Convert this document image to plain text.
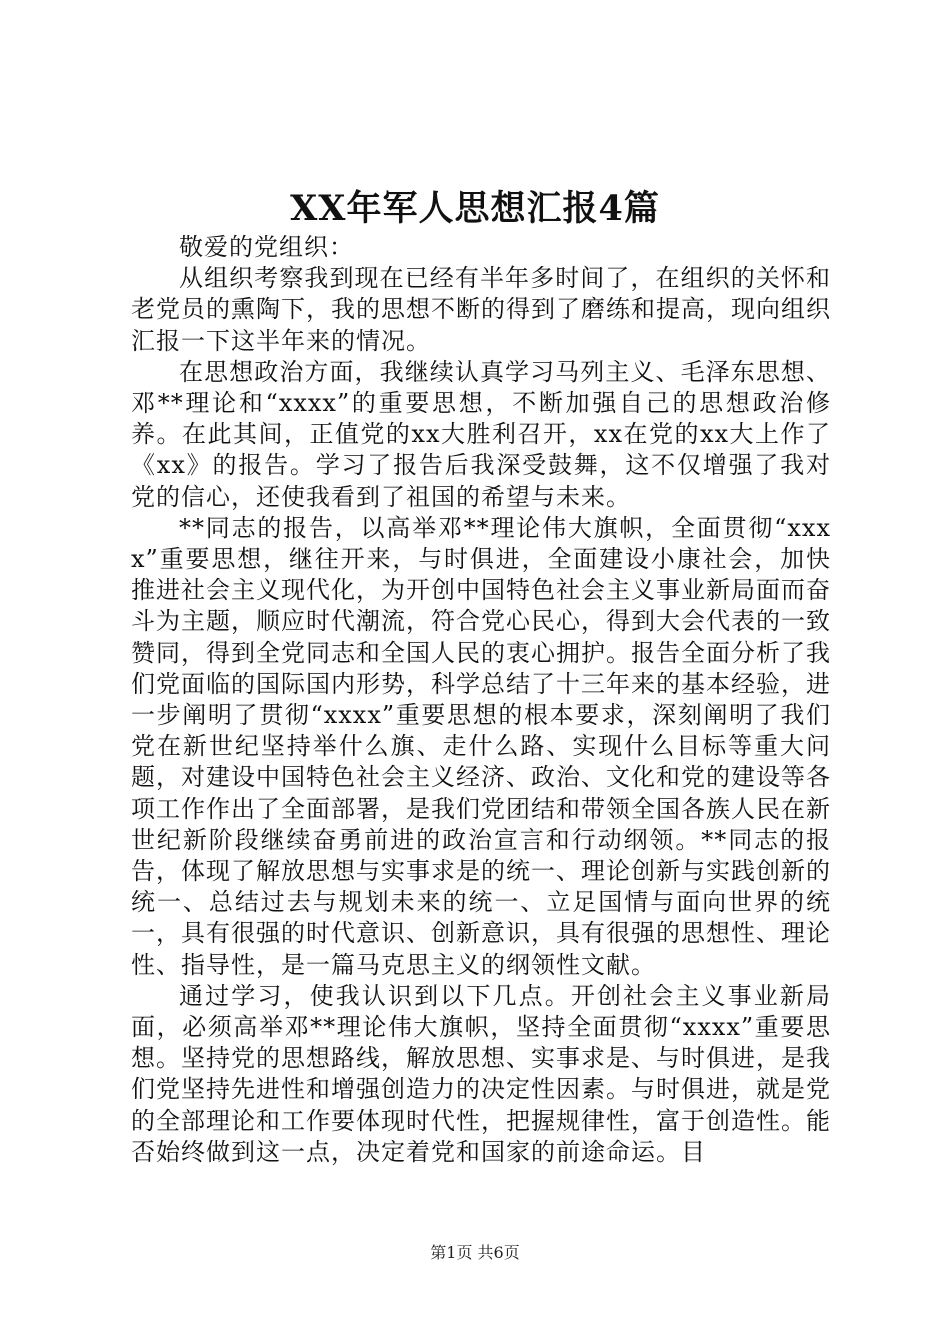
XX年军人思想汇报4篇

敬爱的党组织：

从组织考察我到现在已经有半年多时间了，在组织的关怀和老党员的熏陶下，我的思想不断的得到了磨练和提高，现向组织汇报一下这半年来的情况。

在思想政治方面，我继续认真学习马列主义、毛泽东思想、邓**理论和“xxxx”的重要思想，不断加强自己的思想政治修养。在此其间，正值党的xx大胜利召开，xx在党的xx大上作了《xx》的报告。学习了报告后我深受鼓舞，这不仅增强了我对党的信心，还使我看到了祖国的希望与未来。

**同志的报告，以高举邓**理论伟大旗帜，全面贯彻“xxxx”重要思想，继往开来，与时俱进，全面建设小康社会，加快推进社会主义现代化，为开创中国特色社会主义事业新局面而奋斗为主题，顺应时代潮流，符合党心民心，得到大会代表的一致赞同，得到全党同志和全国人民的衷心拥护。报告全面分析了我们党面临的国际国内形势，科学总结了十三年来的基本经验，进一步阐明了贯彻“xxxx”重要思想的根本要求，深刻阐明了我们党在新世纪坚持举什么旗、走什么路、实现什么目标等重大问题，对建设中国特色社会主义经济、政治、文化和党的建设等各项工作作出了全面部署，是我们党团结和带领全国各族人民在新世纪新阶段继续奋勇前进的政治宣言和行动纲领。**同志的报告，体现了解放思想与实事求是的统一、理论创新与实践创新的统一、总结过去与规划未来的统一、立足国情与面向世界的统一，具有很强的时代意识、创新意识，具有很强的思想性、理论性、指导性，是一篇马克思主义的纲领性文献。

通过学习，使我认识到以下几点。开创社会主义事业新局面，必须高举邓**理论伟大旗帜，坚持全面贯彻“xxxx”重要思想。坚持党的思想路线，解放思想、实事求是、与时俱进，是我们党坚持先进性和增强创造力的决定性因素。与时俱进，就是党的全部理论和工作要体现时代性，把握规律性，富于创造性。能否始终做到这一点，决定着党和国家的前途命运。目

第1页 共6页
